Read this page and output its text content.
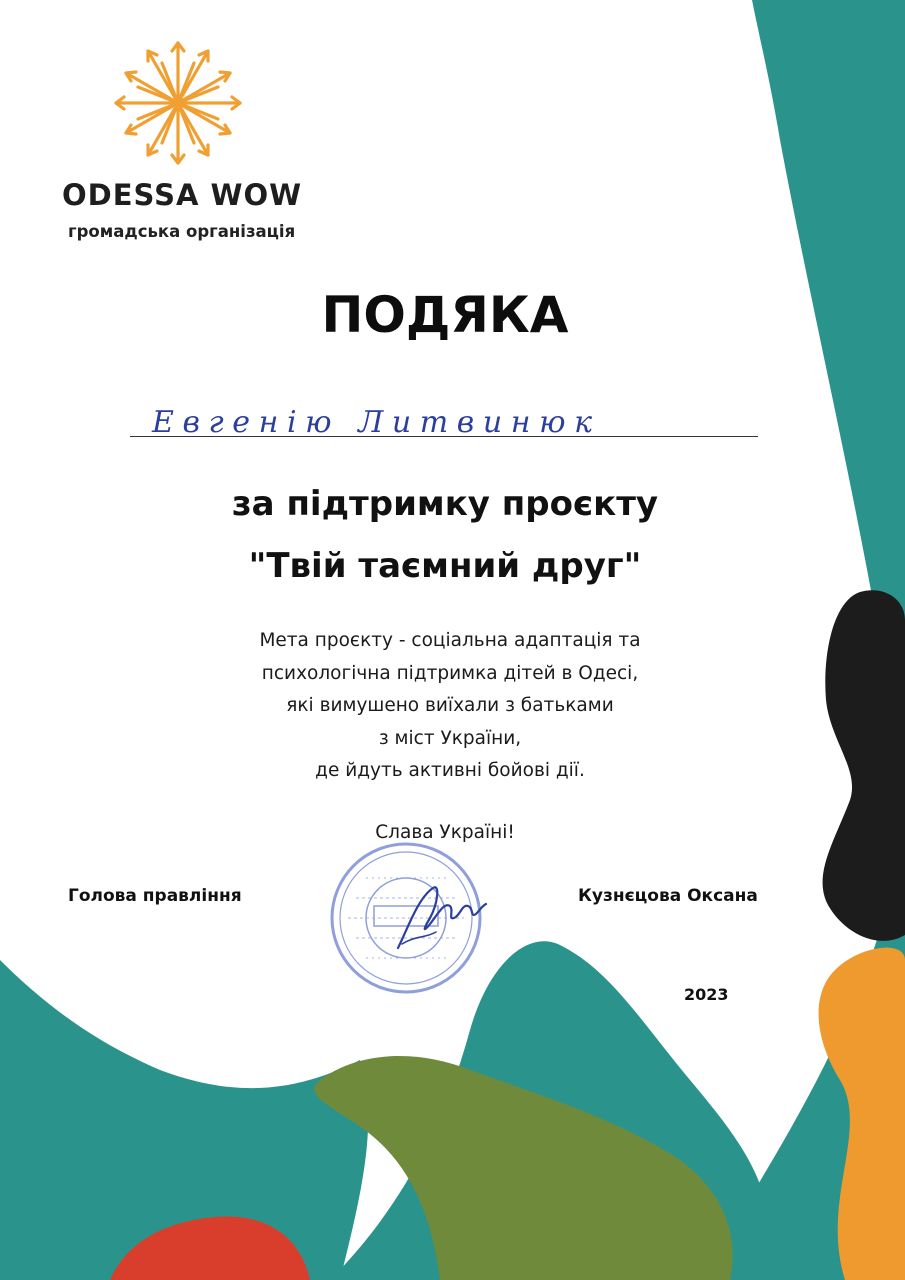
ODESSA WOW
громадська організація
ПОДЯКА
Евгенію Литвинюк
за підтримку проєкту
"Твій таємний друг"
Мета проєкту - соціальна адаптація та
психологічна підтримка дітей в Одесі,
які вимушено виїхали з батьками
з міст України,
де йдуть активні бойові дії.
Слава Україні!
Голова правління	Кузнєцова Оксана
2023
